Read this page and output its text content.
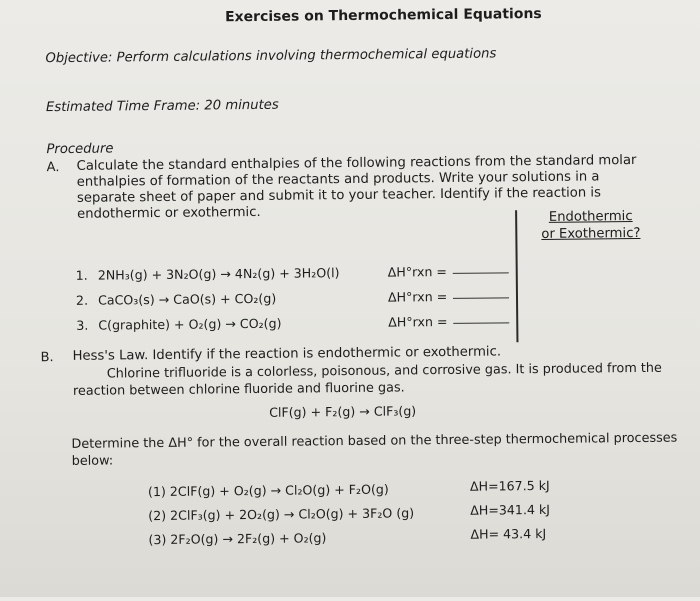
Exercises on Thermochemical Equations
Objective: Perform calculations involving thermochemical equations
Estimated Time Frame: 20 minutes
Procedure
A. Calculate the standard enthalpies of the following reactions from the standard molar enthalpies of formation of the reactants and products. Write your solutions in a separate sheet of paper and submit it to your teacher. Identify if the reaction is endothermic or exothermic.	Endothermic
or Exothermic?
1. 2NH₃(g) + 3N₂O(g) → 4N₂(g) + 3H₂O(l)	ΔH°rxn =
2. CaCO₃(s) → CaO(s) + CO₂(g)	ΔH°rxn =
3. C(graphite) + O₂(g) → CO₂(g)	ΔH°rxn =
B. Hess's Law. Identify if the reaction is endothermic or exothermic.
Chlorine trifluoride is a colorless, poisonous, and corrosive gas. It is produced from the
reaction between chlorine fluoride and fluorine gas.
ClF(g) + F₂(g) → ClF₃(g)
Determine the ΔH° for the overall reaction based on the three-step thermochemical processes
below:
(1) 2ClF(g) + O₂(g) → Cl₂O(g) + F₂O(g)	ΔH=167.5 kJ
(2) 2ClF₃(g) + 2O₂(g) → Cl₂O(g) + 3F₂O (g)	ΔH=341.4 kJ
(3) 2F₂O(g) → 2F₂(g) + O₂(g)	ΔH= 43.4 kJ
